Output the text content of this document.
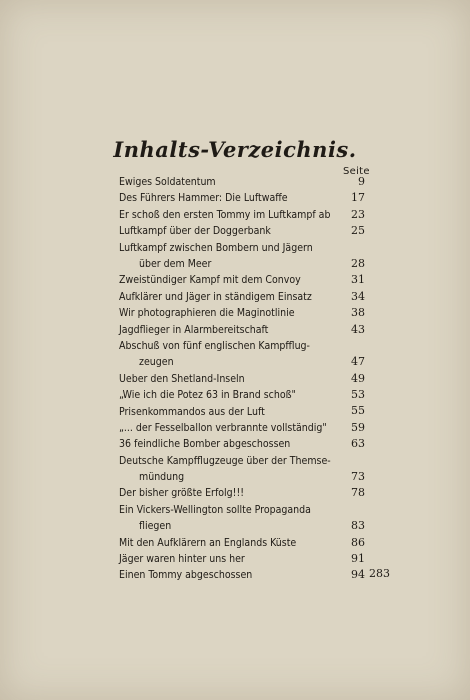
Inhalts-Verzeichnis.
Seite
Ewiges Soldatentum	9
Des Führers Hammer: Die Luftwaffe	17
Er schoß den ersten Tommy im Luftkampf ab	23
Luftkampf über der Doggerbank	25
Luftkampf zwischen Bombern und Jägern
über dem Meer	28
Zweistündiger Kampf mit dem Convoy	31
Aufklärer und Jäger in ständigem Einsatz	34
Wir photographieren die Maginotlinie	38
Jagdflieger in Alarmbereitschaft	43
Abschuß von fünf englischen Kampfflug-
zeugen	47
Ueber den Shetland-Inseln	49
„Wie ich die Potez 63 in Brand schoß"	53
Prisenkommandos aus der Luft	55
„... der Fesselballon verbrannte vollständig"	59
36 feindliche Bomber abgeschossen	63
Deutsche Kampfflugzeuge über der Themse-
mündung	73
Der bisher größte Erfolg!!!	78
Ein Vickers-Wellington sollte Propaganda
fliegen	83
Mit den Aufklärern an Englands Küste	86
Jäger waren hinter uns her	91
Einen Tommy abgeschossen	94 283
